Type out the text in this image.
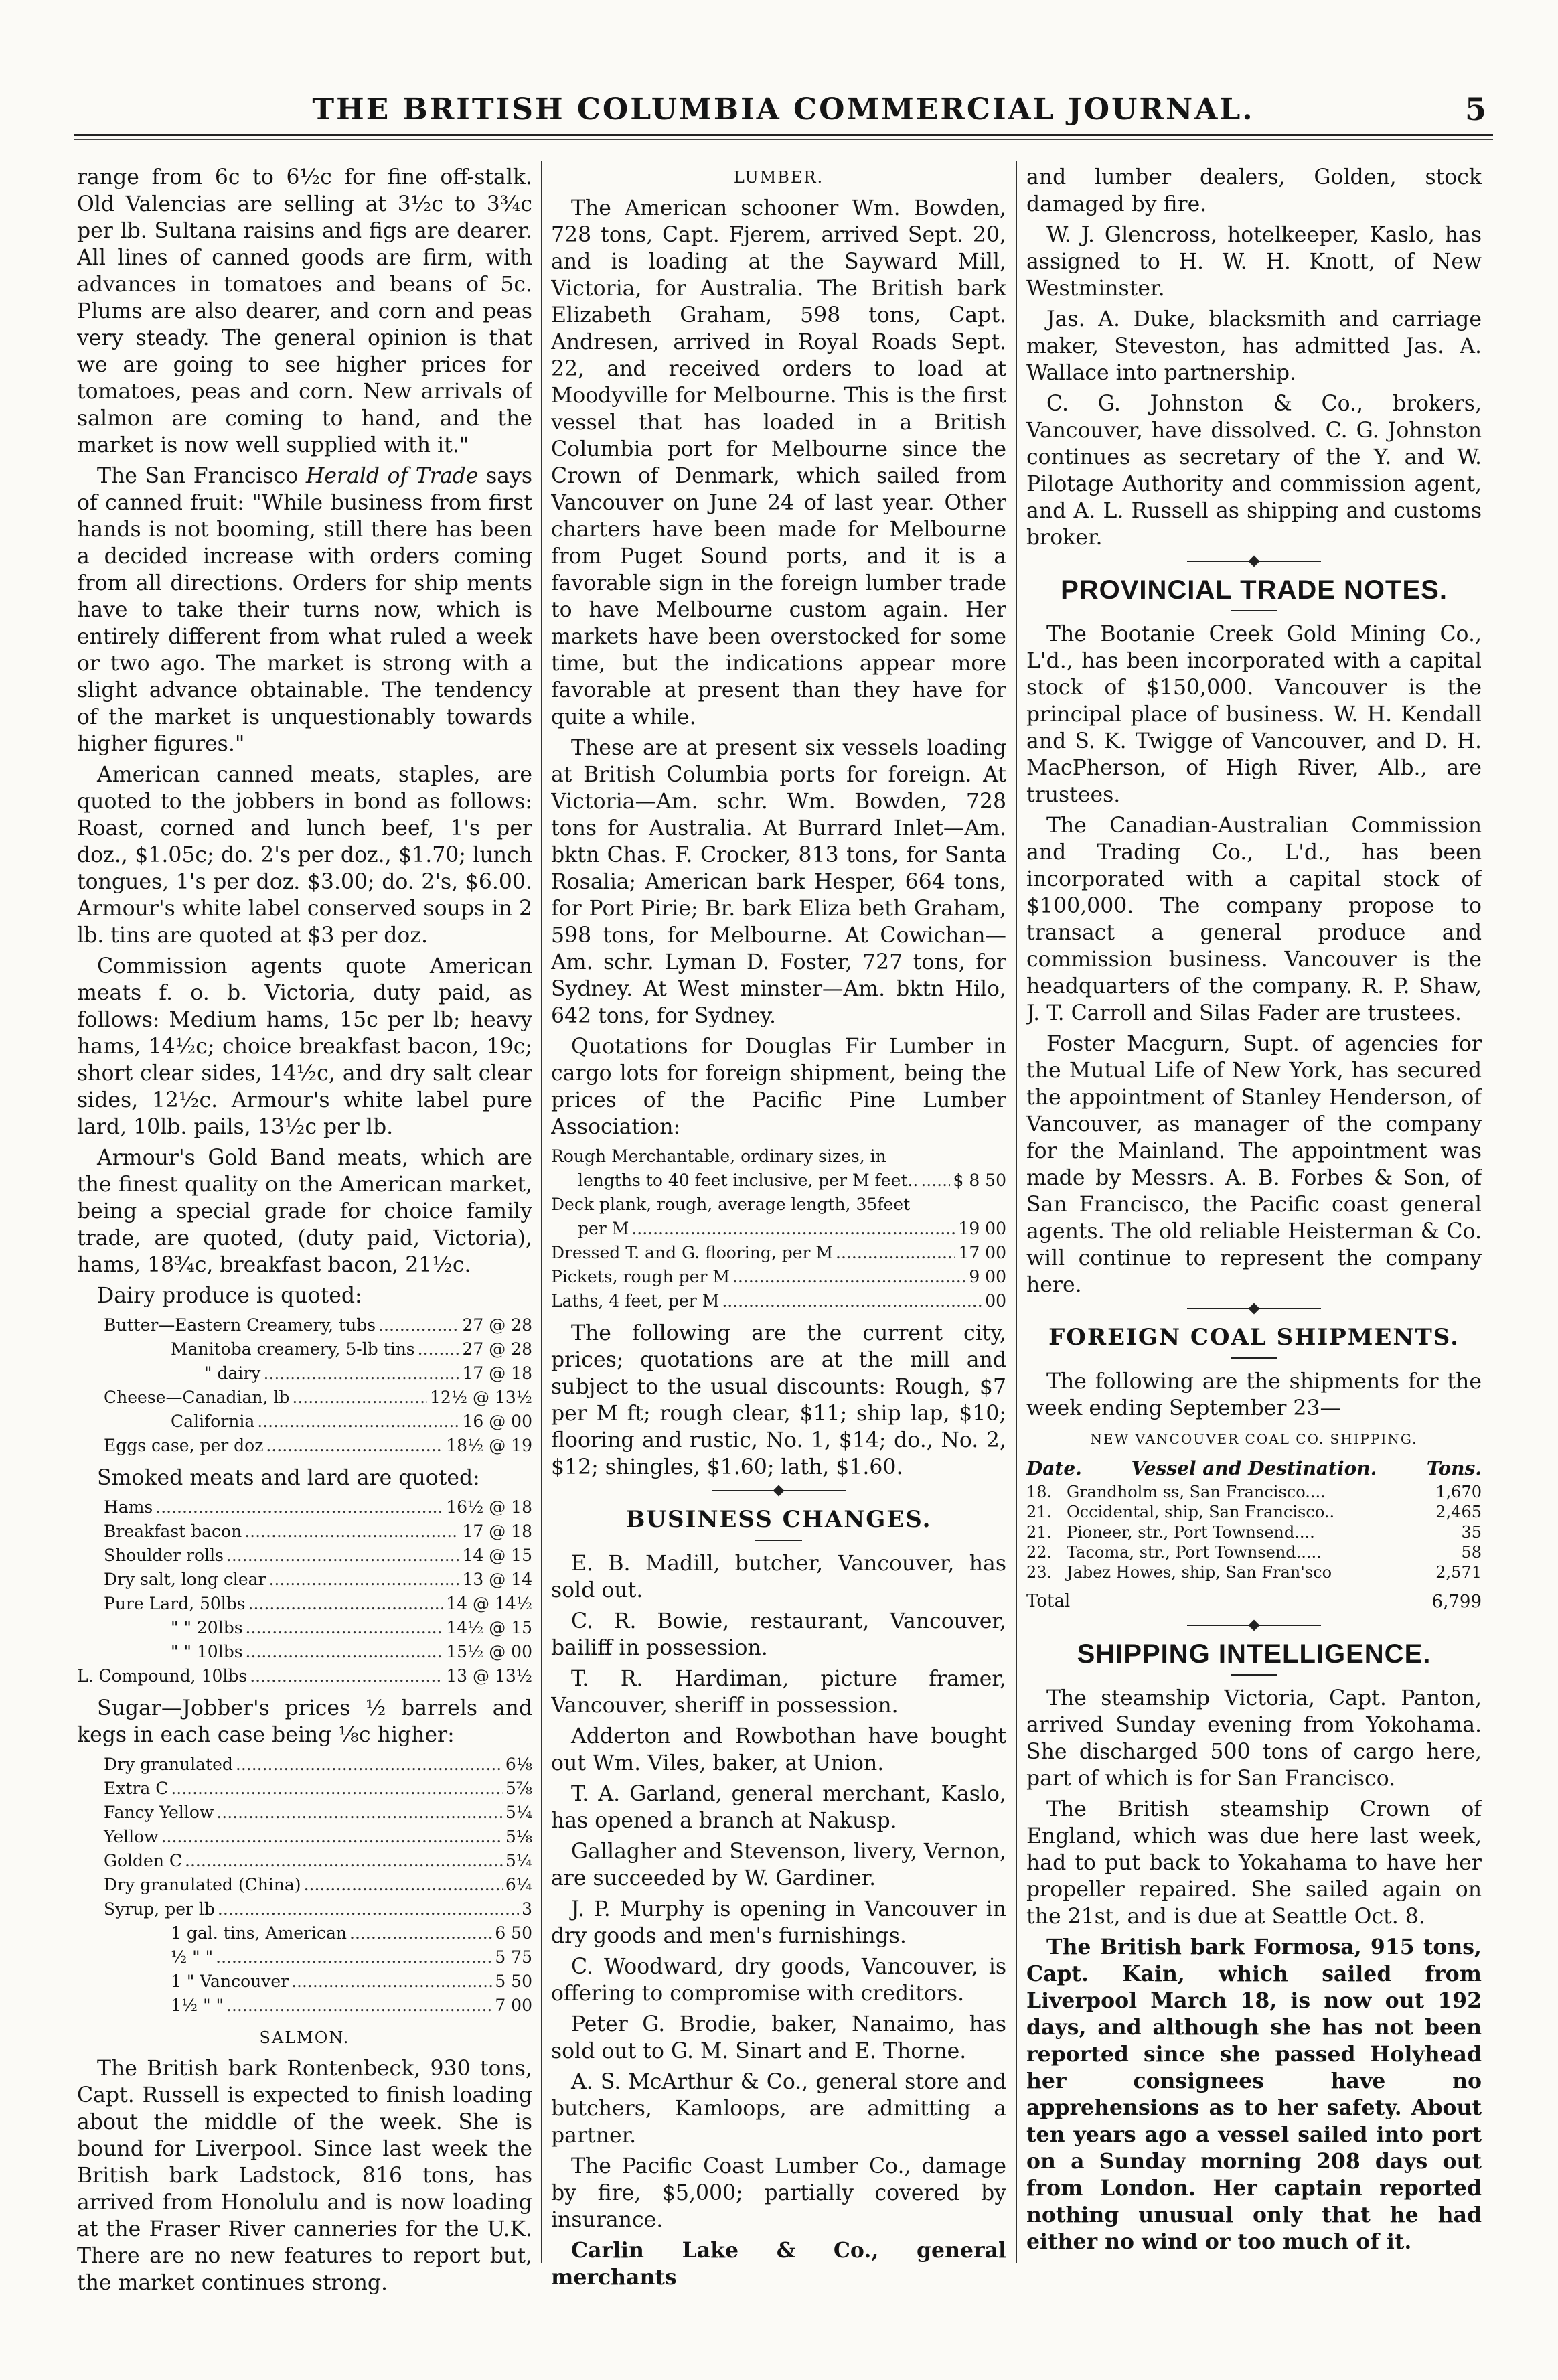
THE BRITISH COLUMBIA COMMERCIAL JOURNAL.	5

range from 6c to 6½c for fine off-stalk. Old Valencias are selling at 3½c to 3¾c per lb. Sultana raisins and figs are dearer. All lines of canned goods are firm, with advances in tomatoes and beans of 5c. Plums are also dearer, and corn and peas very steady. The general opinion is that we are going to see higher prices for tomatoes, peas and corn. New arrivals of salmon are coming to hand, and the market is now well supplied with it."

The San Francisco Herald of Trade says of canned fruit: "While business from first hands is not booming, still there has been a decided increase with orders coming from all directions. Orders for ship ments have to take their turns now, which is entirely different from what ruled a week or two ago. The market is strong with a slight advance obtainable. The tendency of the market is unquestionably towards higher figures."

American canned meats, staples, are quoted to the jobbers in bond as follows: Roast, corned and lunch beef, 1's per doz., $1.05c; do. 2's per doz., $1.70; lunch tongues, 1's per doz. $3.00; do. 2's, $6.00. Armour's white label conserved soups in 2 lb. tins are quoted at $3 per doz.

Commission agents quote American meats f. o. b. Victoria, duty paid, as follows: Medium hams, 15c per lb; heavy hams, 14½c; choice breakfast bacon, 19c; short clear sides, 14½c, and dry salt clear sides, 12½c. Armour's white label pure lard, 10lb. pails, 13½c per lb.

Armour's Gold Band meats, which are the finest quality on the American market, being a special grade for choice family trade, are quoted, (duty paid, Victoria), hams, 18¾c, breakfast bacon, 21½c.

Dairy produce is quoted:

Butter—Eastern Creamery, tubs .....	27 @ 28
Manitoba creamery, 5-lb tins .....	27 @ 28
" dairy .....	17 @ 18
Cheese—Canadian, lb .....	12½ @ 13½
California .....	16 @ 00
Eggs case, per doz .....	18½ @ 19

Smoked meats and lard are quoted:

Hams .....	16½ @ 18
Breakfast bacon .....	17 @ 18
Shoulder rolls .....	14 @ 15
Dry salt, long clear .....	13 @ 14
Pure Lard, 50lbs .....	14 @ 14½
" " 20lbs .....	14½ @ 15
" " 10lbs .....	15½ @ 00
L. Compound, 10lbs .....	13 @ 13½

Sugar—Jobber's prices ½ barrels and kegs in each case being ⅛c higher:

Dry granulated .....	6⅛
Extra C .....	5⅞
Fancy Yellow .....	5¼
Yellow .....	5⅛
Golden C .....	5¼
Dry granulated (China) .....	6¼
Syrup, per lb .....	3
1 gal. tins, American .....	6 50
½ " " .....	5 75
1 " Vancouver .....	5 50
1½ " " .....	7 00
SALMON.

The British bark Rontenbeck, 930 tons, Capt. Russell is expected to finish loading about the middle of the week. She is bound for Liverpool. Since last week the British bark Ladstock, 816 tons, has arrived from Honolulu and is now loading at the Fraser River canneries for the U.K. There are no new features to report but, the market continues strong.

LUMBER.

The American schooner Wm. Bowden, 728 tons, Capt. Fjerem, arrived Sept. 20, and is loading at the Sayward Mill, Victoria, for Australia. The British bark Elizabeth Graham, 598 tons, Capt. Andresen, arrived in Royal Roads Sept. 22, and received orders to load at Moodyville for Melbourne. This is the first vessel that has loaded in a British Columbia port for Melbourne since the Crown of Denmark, which sailed from Vancouver on June 24 of last year. Other charters have been made for Melbourne from Puget Sound ports, and it is a favorable sign in the foreign lumber trade to have Melbourne custom again. Her markets have been overstocked for some time, but the indications appear more favorable at present than they have for quite a while.

These are at present six vessels loading at British Columbia ports for foreign. At Victoria—Am. schr. Wm. Bowden, 728 tons for Australia. At Burrard Inlet—Am. bktn Chas. F. Crocker, 813 tons, for Santa Rosalia; American bark Hesper, 664 tons, for Port Pirie; Br. bark Eliza beth Graham, 598 tons, for Melbourne. At Cowichan—Am. schr. Lyman D. Foster, 727 tons, for Sydney. At West minster—Am. bktn Hilo, 642 tons, for Sydney.

Quotations for Douglas Fir Lumber in cargo lots for foreign shipment, being the prices of the Pacific Pine Lumber Association:

Rough Merchantable, ordinary sizes, in
lengths to 40 feet inclusive, per M feet.. ..... $ 8 50
Deck plank, rough, average length, 35feet
per M .....	19 00
Dressed T. and G. flooring, per M .....	17 00
Pickets, rough per M .....	9 00
Laths, 4 feet, per M .....	00

The following are the current city, prices; quotations are at the mill and subject to the usual discounts: Rough, $7 per M ft; rough clear, $11; ship lap, $10; flooring and rustic, No. 1, $14; do., No. 2, $12; shingles, $1.60; lath, $1.60.

BUSINESS CHANGES.

E. B. Madill, butcher, Vancouver, has sold out.

C. R. Bowie, restaurant, Vancouver, bailiff in possession.

T. R. Hardiman, picture framer, Vancouver, sheriff in possession.

Adderton and Rowbothan have bought out Wm. Viles, baker, at Union.

T. A. Garland, general merchant, Kaslo, has opened a branch at Nakusp.

Gallagher and Stevenson, livery, Vernon, are succeeded by W. Gardiner.

J. P. Murphy is opening in Vancouver in dry goods and men's furnishings.

C. Woodward, dry goods, Vancouver, is offering to compromise with creditors.

Peter G. Brodie, baker, Nanaimo, has sold out to G. M. Sinart and E. Thorne.

A. S. McArthur & Co., general store and butchers, Kamloops, are admitting a partner.

The Pacific Coast Lumber Co., damage by fire, $5,000; partially covered by insurance.

Carlin Lake & Co., general merchants

and lumber dealers, Golden, stock damaged by fire.

W. J. Glencross, hotelkeeper, Kaslo, has assigned to H. W. H. Knott, of New Westminster.

Jas. A. Duke, blacksmith and carriage maker, Steveston, has admitted Jas. A. Wallace into partnership.

C. G. Johnston & Co., brokers, Vancouver, have dissolved. C. G. Johnston continues as secretary of the Y. and W. Pilotage Authority and commission agent, and A. L. Russell as shipping and customs broker.

PROVINCIAL TRADE NOTES.

The Bootanie Creek Gold Mining Co., L'd., has been incorporated with a capital stock of $150,000. Vancouver is the principal place of business. W. H. Kendall and S. K. Twigge of Vancouver, and D. H. MacPherson, of High River, Alb., are trustees.

The Canadian-Australian Commission and Trading Co., L'd., has been incorporated with a capital stock of $100,000. The company propose to transact a general produce and commission business. Vancouver is the headquarters of the company. R. P. Shaw, J. T. Carroll and Silas Fader are trustees.

Foster Macgurn, Supt. of agencies for the Mutual Life of New York, has secured the appointment of Stanley Henderson, of Vancouver, as manager of the company for the Mainland. The appointment was made by Messrs. A. B. Forbes & Son, of San Francisco, the Pacific coast general agents. The old reliable Heisterman & Co. will continue to represent the company here.

FOREIGN COAL SHIPMENTS.

The following are the shipments for the week ending September 23—

NEW VANCOUVER COAL CO. SHIPPING.
Date.	Vessel and Destination.	Tons.
18. Grandholm ss, San Francisco....	1,670
21. Occidental, ship, San Francisco..	2,465
21. Pioneer, str., Port Townsend....	35
22. Tacoma, str., Port Townsend.....	58
23. Jabez Howes, ship, San Fran'sco	2,571
Total	6,799
SHIPPING INTELLIGENCE.

The steamship Victoria, Capt. Panton, arrived Sunday evening from Yokohama. She discharged 500 tons of cargo here, part of which is for San Francisco.

The British steamship Crown of England, which was due here last week, had to put back to Yokahama to have her propeller repaired. She sailed again on the 21st, and is due at Seattle Oct. 8.

The British bark Formosa, 915 tons, Capt. Kain, which sailed from Liverpool March 18, is now out 192 days, and although she has not been reported since she passed Holyhead her consignees have no apprehensions as to her safety. About ten years ago a vessel sailed into port on a Sunday morning 208 days out from London. Her captain reported nothing unusual only that he had either no wind or too much of it.
